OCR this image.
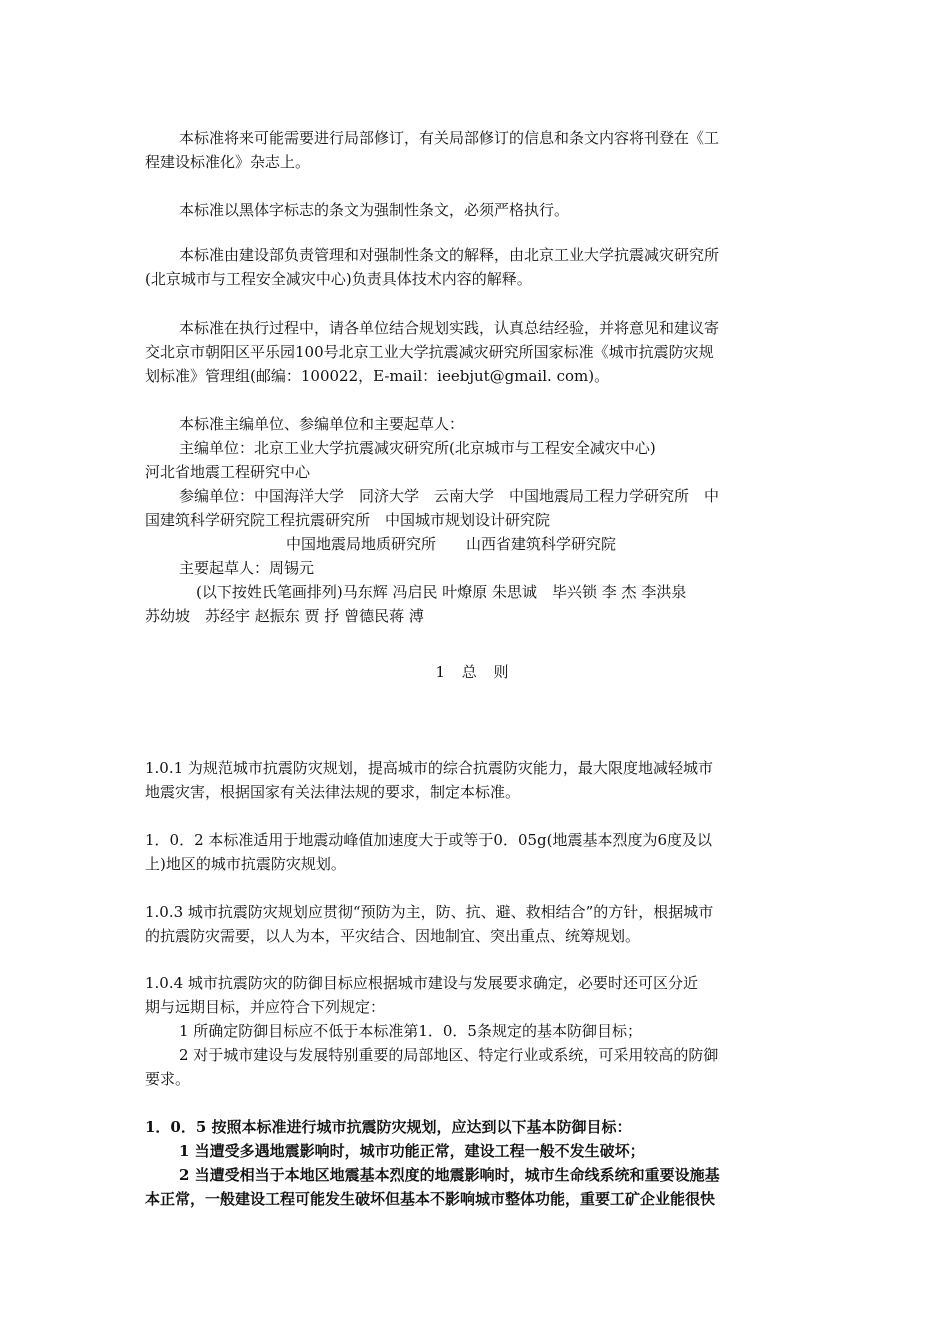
本标准将来可能需要进行局部修订，有关局部修订的信息和条文内容将刊登在《工

程建设标准化》杂志上。

本标准以黑体字标志的条文为强制性条文，必须严格执行。

本标准由建设部负责管理和对强制性条文的解释，由北京工业大学抗震减灾研究所

(北京城市与工程安全减灾中心)负责具体技术内容的解释。

本标准在执行过程中，请各单位结合规划实践，认真总结经验，并将意见和建议寄

交北京市朝阳区平乐园100号北京工业大学抗震减灾研究所国家标准《城市抗震防灾规

划标准》管理组(邮编：100022，E-mail：ieebjut@gmail. com)。

本标准主编单位、参编单位和主要起草人：

主编单位：北京工业大学抗震减灾研究所(北京城市与工程安全减灾中心)

河北省地震工程研究中心

参编单位：中国海洋大学　同济大学　云南大学　中国地震局工程力学研究所　中

国建筑科学研究院工程抗震研究所　中国城市规划设计研究院

中国地震局地质研究所　　山西省建筑科学研究院

主要起草人：周锡元

(以下按姓氏笔画排列)马东辉 冯启民 叶燎原 朱思诚　毕兴锁 李 杰 李洪泉

苏幼坡　苏经宇 赵振东 贾 抒 曾德民蒋 溥

1 总 则

1.0.1 为规范城市抗震防灾规划，提高城市的综合抗震防灾能力，最大限度地减轻城市

地震灾害，根据国家有关法律法规的要求，制定本标准。

1．0．2 本标准适用于地震动峰值加速度大于或等于0．05g(地震基本烈度为6度及以

上)地区的城市抗震防灾规划。

1.0.3 城市抗震防灾规划应贯彻“预防为主，防、抗、避、救相结合”的方针，根据城市

的抗震防灾需要，以人为本，平灾结合、因地制宜、突出重点、统筹规划。

1.0.4 城市抗震防灾的防御目标应根据城市建设与发展要求确定，必要时还可区分近

期与远期目标，并应符合下列规定：

1 所确定防御目标应不低于本标准第1．0．5条规定的基本防御目标；

2 对于城市建设与发展特别重要的局部地区、特定行业或系统，可采用较高的防御

要求。

1．0．5 按照本标准进行城市抗震防灾规划，应达到以下基本防御目标：

1 当遭受多遇地震影响时，城市功能正常，建设工程一般不发生破坏；

2 当遭受相当于本地区地震基本烈度的地震影响时，城市生命线系统和重要设施基

本正常，一般建设工程可能发生破坏但基本不影响城市整体功能，重要工矿企业能很快
